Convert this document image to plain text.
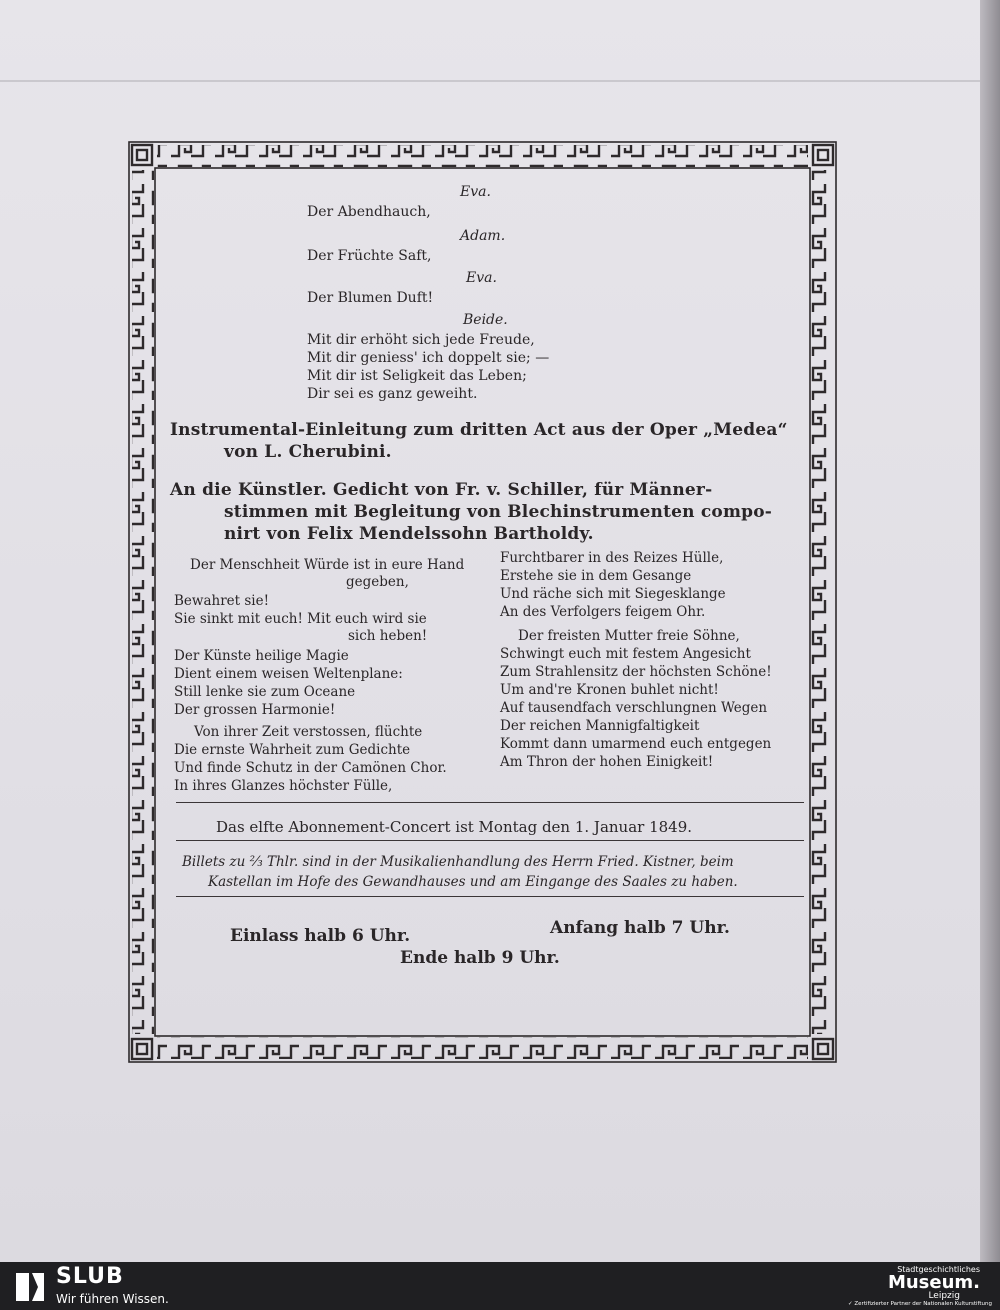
Eva.
Der Abendhauch,
Adam.
Der Früchte Saft,
Eva.
Der Blumen Duft!
Beide.
Mit dir erhöht sich jede Freude,
Mit dir geniess' ich doppelt sie; —
Mit dir ist Seligkeit das Leben;
Dir sei es ganz geweiht.
Instrumental-Einleitung zum dritten Act aus der Oper „Medea“
von L. Cherubini.
An die Künstler. Gedicht von Fr. v. Schiller, für Männer-
stimmen mit Begleitung von Blechinstrumenten compo-
nirt von Felix Mendelssohn Bartholdy.
Der Menschheit Würde ist in eure Hand
gegeben,
Bewahret sie!
Sie sinkt mit euch! Mit euch wird sie
sich heben!
Der Künste heilige Magie
Dient einem weisen Weltenplane:
Still lenke sie zum Oceane
Der grossen Harmonie!
Von ihrer Zeit verstossen, flüchte
Die ernste Wahrheit zum Gedichte
Und finde Schutz in der Camönen Chor.
In ihres Glanzes höchster Fülle,
Furchtbarer in des Reizes Hülle,
Erstehe sie in dem Gesange
Und räche sich mit Siegesklange
An des Verfolgers feigem Ohr.
Der freisten Mutter freie Söhne,
Schwingt euch mit festem Angesicht
Zum Strahlensitz der höchsten Schöne!
Um and're Kronen buhlet nicht!
Auf tausendfach verschlungnen Wegen
Der reichen Mannigfaltigkeit
Kommt dann umarmend euch entgegen
Am Thron der hohen Einigkeit!
Das elfte Abonnement-Concert ist Montag den 1. Januar 1849.
Billets zu ⅔ Thlr. sind in der Musikalienhandlung des Herrn Fried. Kistner, beim
Kastellan im Hofe des Gewandhauses und am Eingange des Saales zu haben.
Einlass halb 6 Uhr.	Anfang halb 7 Uhr.
Ende halb 9 Uhr.
SLUB
Wir führen Wissen.
Stadtgeschichtliches
Museum.
Leipzig
✓ Zertifizierter Partner der Nationalen Kulturstiftung
